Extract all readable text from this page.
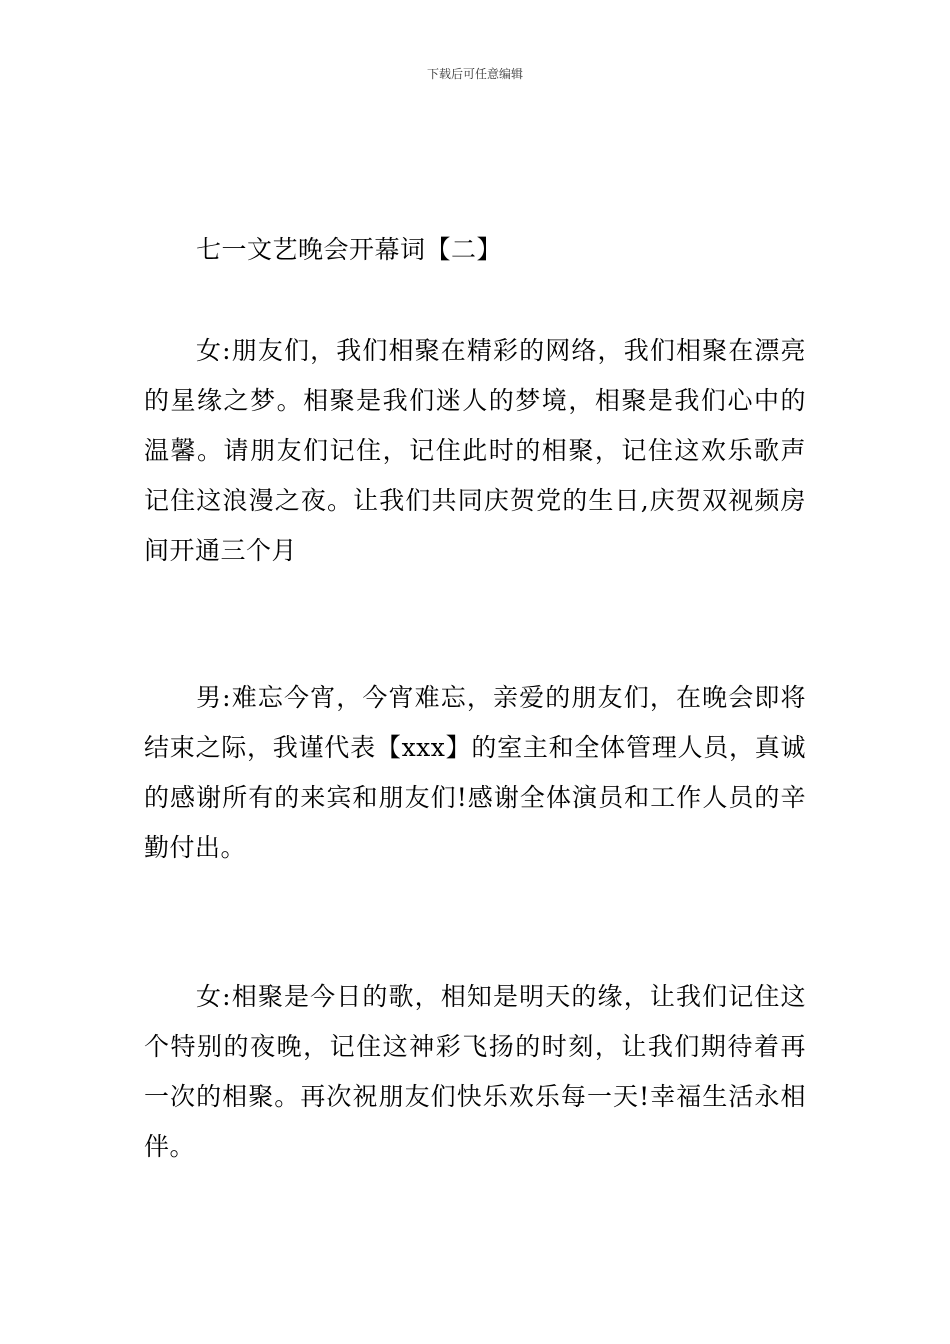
下载后可任意编辑
七一文艺晚会开幕词【二】

女:朋友们，我们相聚在精彩的网络，我们相聚在漂亮的星缘之梦。相聚是我们迷人的梦境，相聚是我们心中的温馨。请朋友们记住，记住此时的相聚，记住这欢乐歌声记住这浪漫之夜。让我们共同庆贺党的生日,庆贺双视频房间开通三个月

男:难忘今宵，今宵难忘，亲爱的朋友们，在晚会即将结束之际，我谨代表【xxx】的室主和全体管理人员，真诚的感谢所有的来宾和朋友们!感谢全体演员和工作人员的辛勤付出。

女:相聚是今日的歌，相知是明天的缘，让我们记住这个特别的夜晚，记住这神彩飞扬的时刻，让我们期待着再一次的相聚。再次祝朋友们快乐欢乐每一天!幸福生活永相伴。
